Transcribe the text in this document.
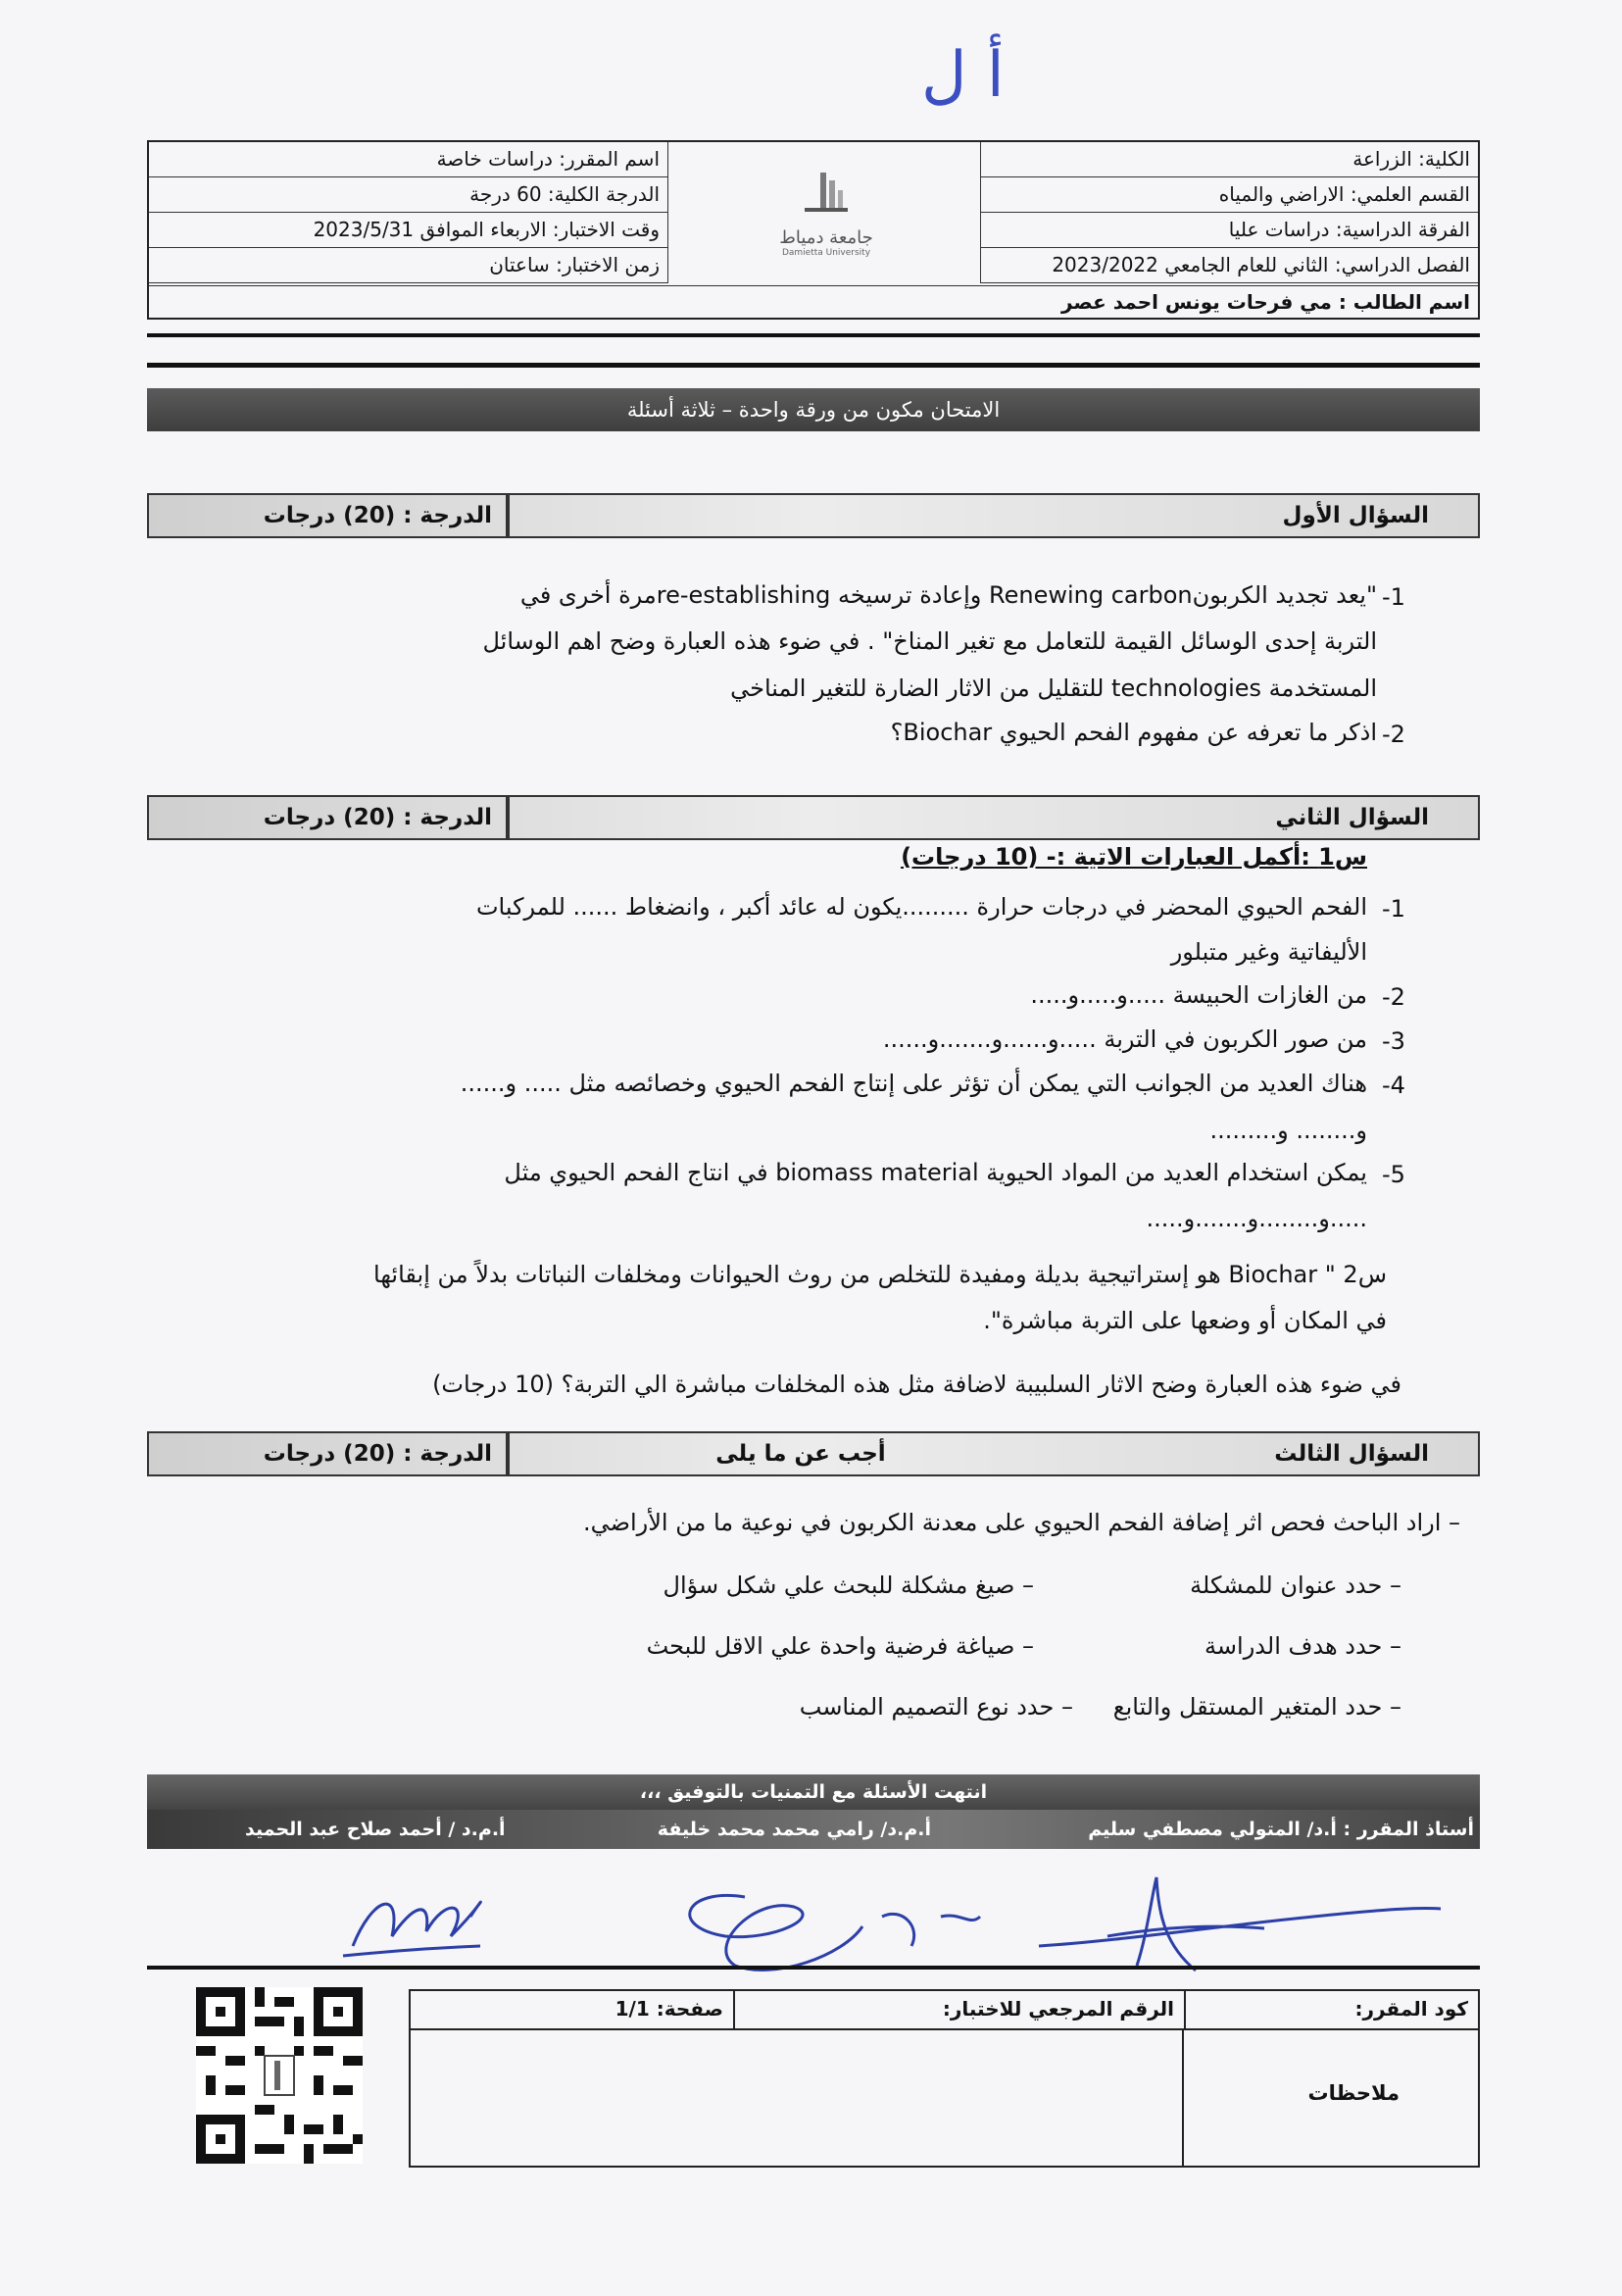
أ ل
الكلية: الزراعة
القسم العلمي: الاراضي والمياه
الفرقة الدراسية: دراسات عليا
الفصل الدراسي: الثاني للعام الجامعي 2023/2022
جامعة دمياط
Damietta University
اسم المقرر: دراسات خاصة
الدرجة الكلية: 60 درجة
وقت الاختبار: الاربعاء الموافق 2023/5/31
زمن الاختبار: ساعتان
اسم الطالب : مي فرحات يونس احمد عصر
الامتحان مكون من ورقة واحدة – ثلاثة أسئلة
السؤال الأول
الدرجة : (20) درجات
-1
"يعد تجديد الكربونRenewing carbon وإعادة ترسيخه re-establishingمرة أخرى في
التربة إحدى الوسائل القيمة للتعامل مع تغير المناخ" . في ضوء هذه العبارة وضح اهم الوسائل
المستخدمة technologies للتقليل من الاثار الضارة للتغير المناخي
-2
اذكر ما تعرفه عن مفهوم الفحم الحيوي Biochar؟
السؤال الثاني
الدرجة : (20) درجات
س1 :أكمل العبارات الاتية :- (10 درجات)
-1
الفحم الحيوي المحضر في درجات حرارة .........يكون له عائد أكبر ، وانضغاط ...... للمركبات
الأليفاتية وغير متبلور
-2
من الغازات الحبيسة .....و.....و.....
-3
من صور الكربون في التربة .....و......و.......و......
-4
هناك العديد من الجوانب التي يمكن أن تؤثر على إنتاج الفحم الحيوي وخصائصه مثل ..... و......
و........ و.........
-5
يمكن استخدام العديد من المواد الحيوية biomass material في انتاج الفحم الحيوي مثل
.....و........و.......و.....
س2 " Biochar هو إستراتيجية بديلة ومفيدة للتخلص من روث الحيوانات ومخلفات النباتات بدلاً من إبقائها
في المكان أو وضعها على التربة مباشرة".
في ضوء هذه العبارة وضح الاثار السلبيبة لاضافة مثل هذه المخلفات مباشرة الي التربة؟ (10 درجات)
السؤال الثالث
أجب عن ما يلى
الدرجة : (20) درجات
– اراد الباحث فحص اثر إضافة الفحم الحيوي على معدنة الكربون في نوعية ما من الأراضي.
– حدد عنوان للمشكلة
– صيغ مشكلة للبحث علي شكل سؤال
– حدد هدف الدراسة
– صياغة فرضية واحدة علي الاقل للبحث
– حدد المتغير المستقل والتابع
– حدد نوع التصميم المناسب
انتهت الأسئلة مع التمنيات بالتوفيق ،،،
أستاذ المقرر : أ.د/ المتولي مصطفي سليم
أ.م.د/ رامي محمد محمد خليفة
أ.م.د / أحمد صلاح عبد الحميد
كود المقرر:
الرقم المرجعي للاختبار:
صفحة: 1/1
ملاحظات
